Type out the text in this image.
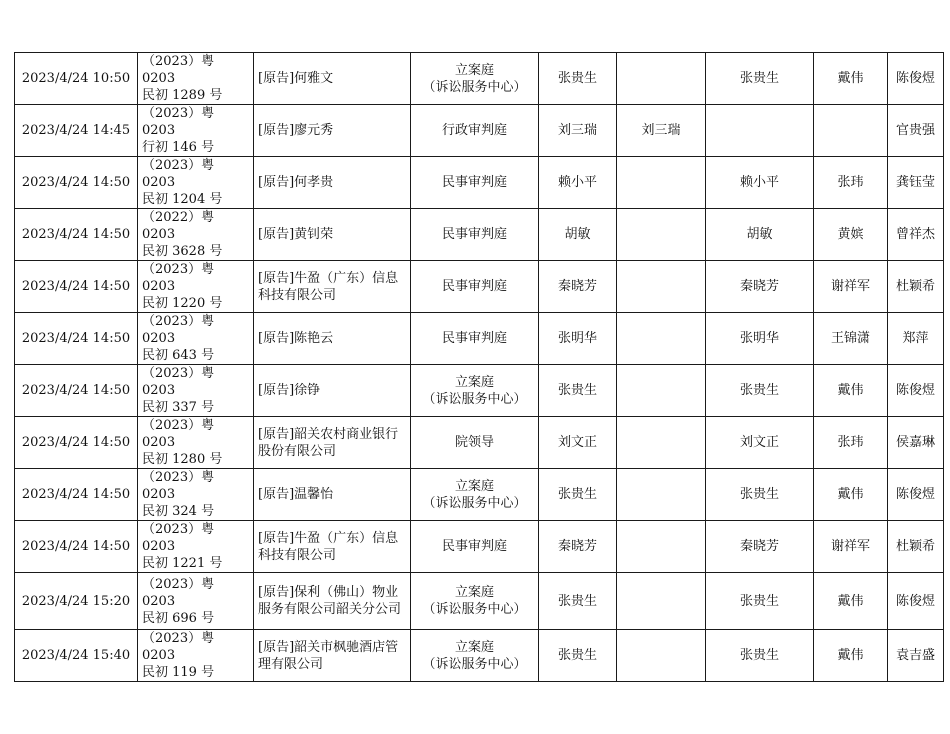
2023/4/24 10:50	（2023）粤 0203
民初 1289 号	[原告]何雅文	立案庭
（诉讼服务中心）	张贵生		张贵生	戴伟	陈俊煜
2023/4/24 14:45	（2023）粤 0203
行初 146 号	[原告]廖元秀	行政审判庭	刘三瑞	刘三瑞			官贵强
2023/4/24 14:50	（2023）粤 0203
民初 1204 号	[原告]何孝贵	民事审判庭	赖小平		赖小平	张玮	龚钰莹
2023/4/24 14:50	（2022）粤 0203
民初 3628 号	[原告]黄钊荣	民事审判庭	胡敏		胡敏	黄嫔	曾祥杰
2023/4/24 14:50	（2023）粤 0203
民初 1220 号	[原告]牛盈（广东）信息科技有限公司	民事审判庭	秦晓芳		秦晓芳	谢祥军	杜颖希
2023/4/24 14:50	（2023）粤 0203
民初 643 号	[原告]陈艳云	民事审判庭	张明华		张明华	王锦潇	郑萍
2023/4/24 14:50	（2023）粤 0203
民初 337 号	[原告]徐铮	立案庭
（诉讼服务中心）	张贵生		张贵生	戴伟	陈俊煜
2023/4/24 14:50	（2023）粤 0203
民初 1280 号	[原告]韶关农村商业银行股份有限公司	院领导	刘文正		刘文正	张玮	侯嘉琳
2023/4/24 14:50	（2023）粤 0203
民初 324 号	[原告]温馨怡	立案庭
（诉讼服务中心）	张贵生		张贵生	戴伟	陈俊煜
2023/4/24 14:50	（2023）粤 0203
民初 1221 号	[原告]牛盈（广东）信息科技有限公司	民事审判庭	秦晓芳		秦晓芳	谢祥军	杜颖希
2023/4/24 15:20	（2023）粤 0203
民初 696 号	[原告]保利（佛山）物业服务有限公司韶关分公司	立案庭
（诉讼服务中心）	张贵生		张贵生	戴伟	陈俊煜
2023/4/24 15:40	（2023）粤 0203
民初 119 号	[原告]韶关市枫驰酒店管理有限公司	立案庭
（诉讼服务中心）	张贵生		张贵生	戴伟	袁吉盛
